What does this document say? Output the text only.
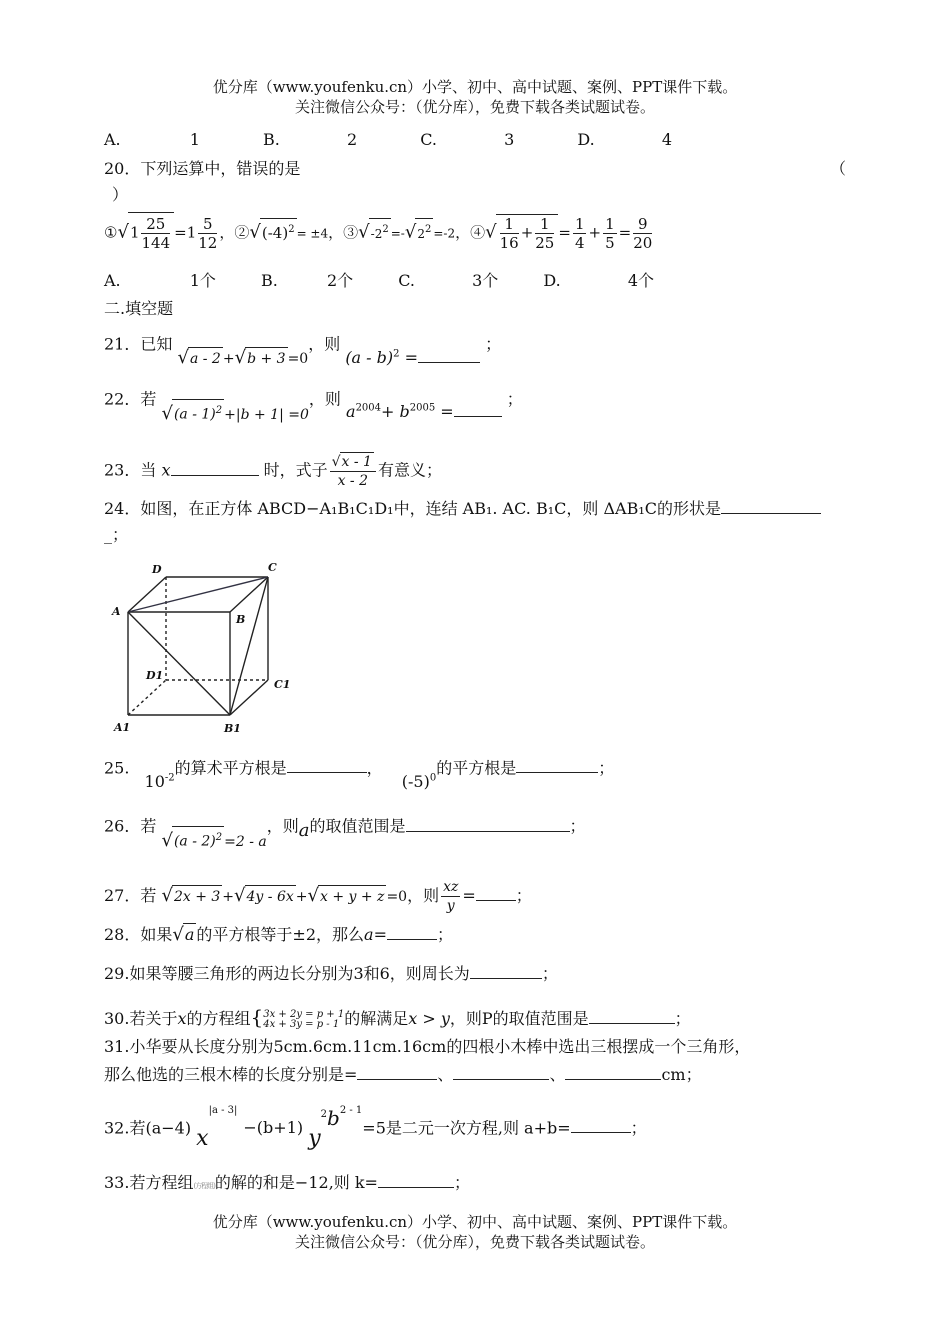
优分库（www.youfenku.cn）小学、初中、高中试题、案例、PPT课件下载。
关注微信公众号：（优分库），免费下载各类试题试卷。
A.	1	B.	2	C.	3	D.	4
20．下列运算中，错误的是	（
）
①√1 $\frac{25}{144} =1 \frac{5}{12}$ ，$②√(-4)^2 = \pm 4$，$③√-2^2 =-√2^2 =-2$，④√ $\frac{1}{16} + \frac{1}{25} = \frac{1}{4} + \frac{1}{5} = \frac{9}{20}$
A.	1个	B.	2个	C.	3个	D.	4个
二.填空题
21．已知 √a - 2 +√b + 3 =0，则 (a - b)$^2$ = ；
22．若 √(a - 1)$^2$ +|b + 1| =0，则 $a^{2004}+ b^{2005}$ = ；
23．当 x	时，式子 $\frac{√x - 1}{x - 2}$ 有意义；
24．如图，在正方体 ABCD−A₁B₁C₁D₁中，连结 AB₁. AC. B₁C，则 ΔAB₁C的形状是
_；
D	C
A
B
D1
C1
A1	B1
25. $10^{-2}$的算术平方根是	， $(-5)^0$的平方根是	；
26．若 √(a - 2)$^2$ =2 - a，则a的取值范围是	；
27．若 √2x + 3 +√4y - 6x +√x + y + z =0，则 $\frac{xz}{y}$ =	；
28．如果√a 的平方根等于±2，那么a=	；
29.如果等腰三角形的两边长分别为3和6，则周长为	；
30.若关于x的方程组{ 3x + 2y = p + 1
4x + 3y = p - 1 的解满足x > y，则P的取值范围是	；
31.小华要从长度分别为5cm.6cm.11cm.16cm的四根小木棒中选出三根摆成一个三角形，
那么他选的三根木棒的长度分别是=	、	、	cm；
32.若(a−4) $x^{|a - 3|}-(b+1)$ $y^2b^{2 - 1}=5$是二元一次方程,则 a+b=	；
33.若方程组(方程组)的解的和是−12,则 k=	；
优分库（www.youfenku.cn）小学、初中、高中试题、案例、PPT课件下载。
关注微信公众号：（优分库），免费下载各类试题试卷。
